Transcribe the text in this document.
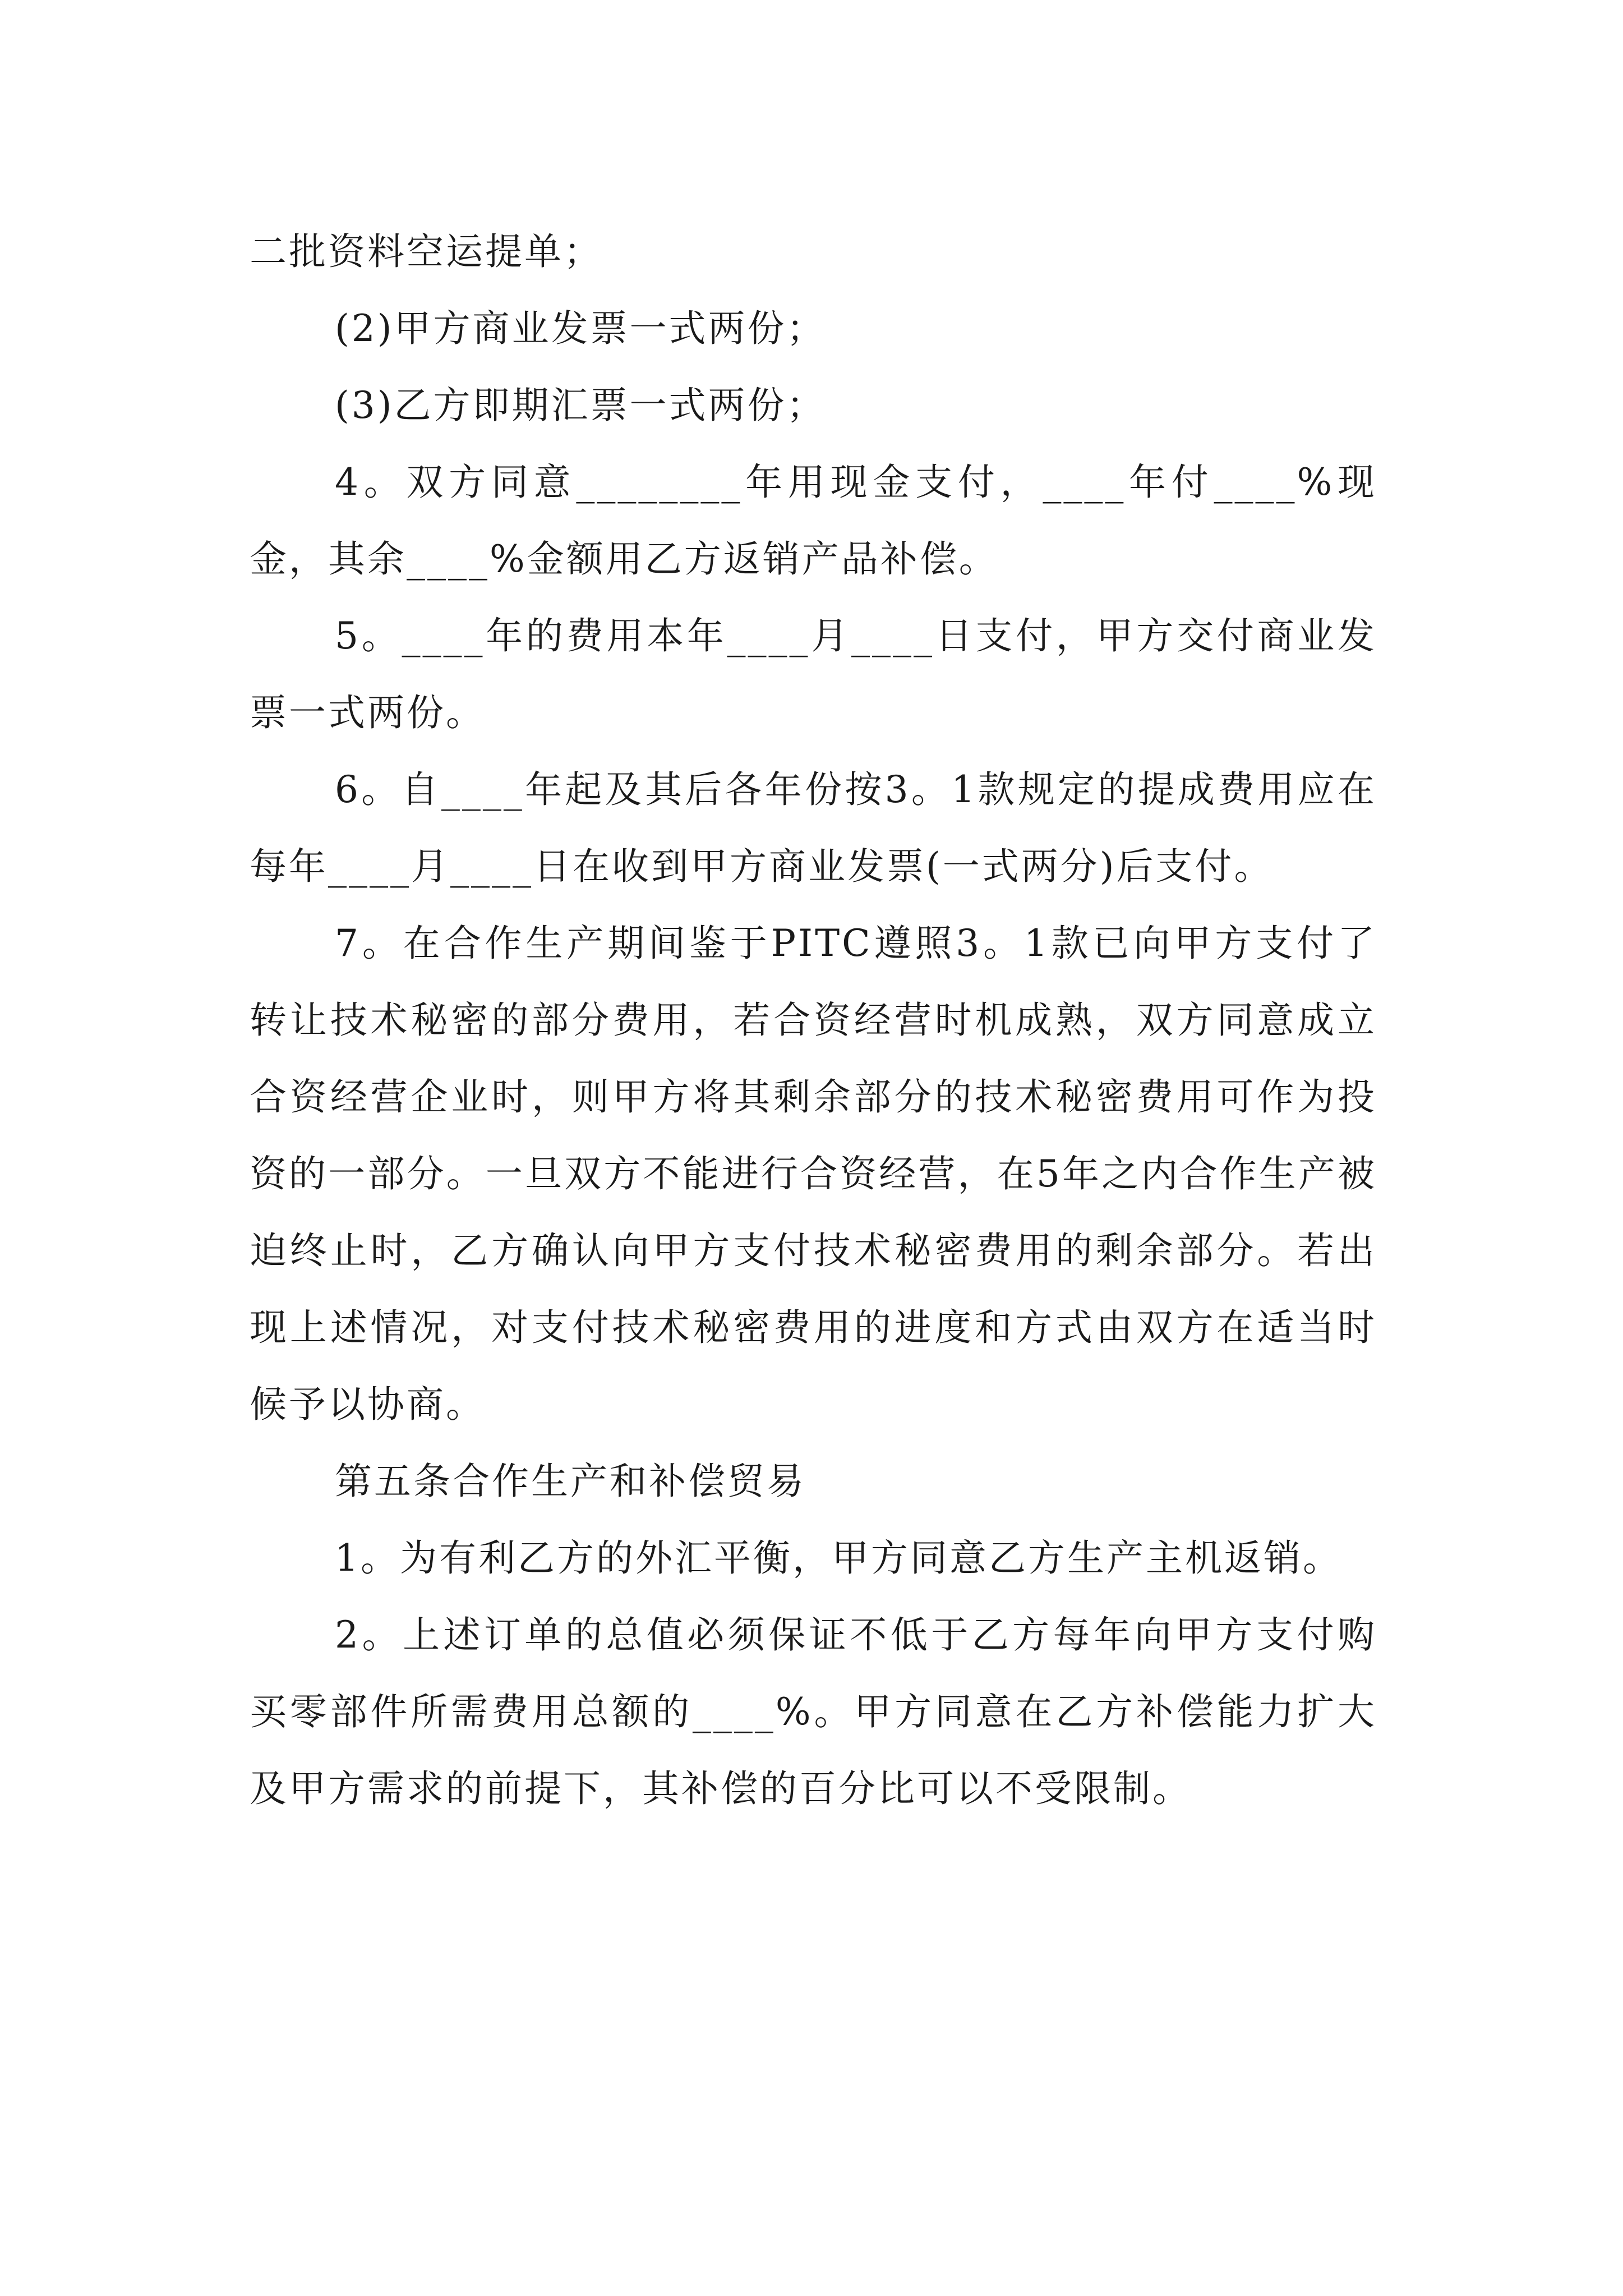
二批资料空运提单；

(2)甲方商业发票一式两份；

(3)乙方即期汇票一式两份；

4。双方同意________年用现金支付，____年付____%现金，其余____%金额用乙方返销产品补偿。

5。____年的费用本年____月____日支付，甲方交付商业发票一式两份。

6。自____年起及其后各年份按3。1款规定的提成费用应在每年____月____日在收到甲方商业发票(一式两分)后支付。

7。在合作生产期间鉴于PITC遵照3。1款已向甲方支付了转让技术秘密的部分费用，若合资经营时机成熟，双方同意成立合资经营企业时，则甲方将其剩余部分的技术秘密费用可作为投资的一部分。一旦双方不能进行合资经营，在5年之内合作生产被迫终止时，乙方确认向甲方支付技术秘密费用的剩余部分。若出现上述情况，对支付技术秘密费用的进度和方式由双方在适当时候予以协商。

第五条合作生产和补偿贸易

1。为有利乙方的外汇平衡，甲方同意乙方生产主机返销。

2。上述订单的总值必须保证不低于乙方每年向甲方支付购买零部件所需费用总额的____%。甲方同意在乙方补偿能力扩大及甲方需求的前提下，其补偿的百分比可以不受限制。
